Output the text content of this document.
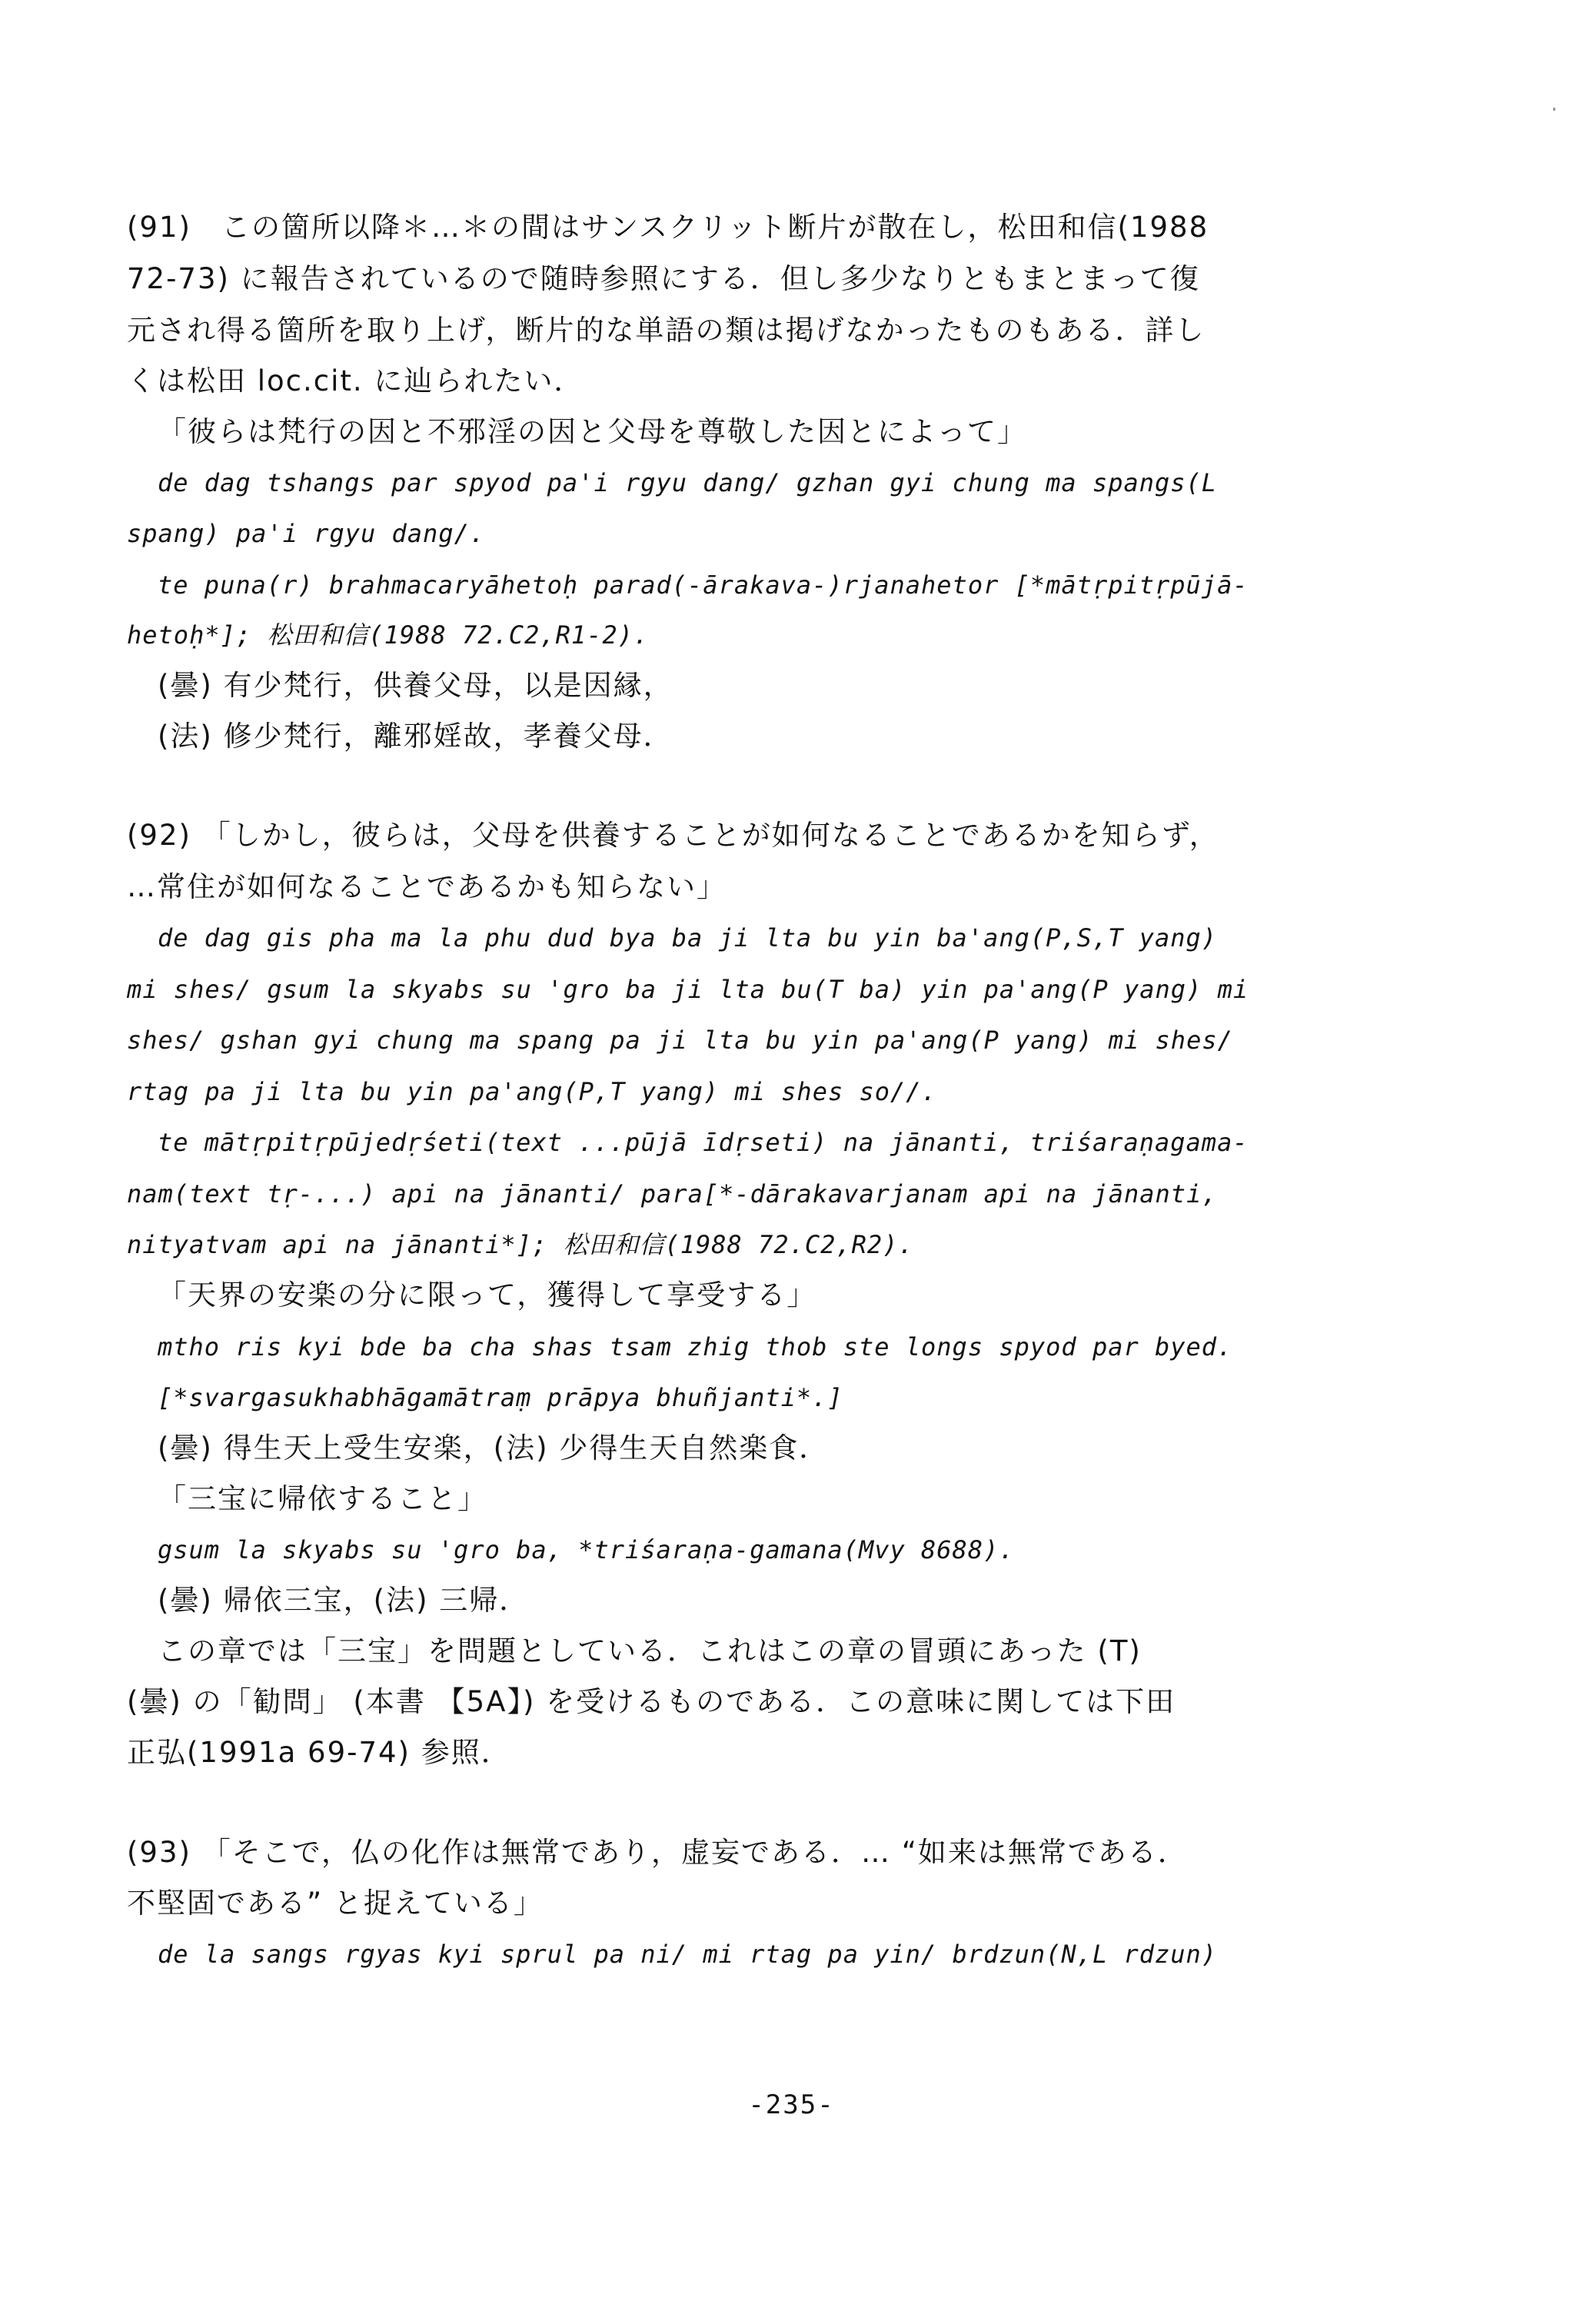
(91)　この箇所以降＊…＊の間はサンスクリット断片が散在し，松田和信(1988
72-73) に報告されているので随時参照にする．但し多少なりともまとまって復
元され得る箇所を取り上げ，断片的な単語の類は掲げなかったものもある．詳し
くは松田 loc.cit. に辿られたい．
「彼らは梵行の因と不邪淫の因と父母を尊敬した因とによって」
de dag tshangs par spyod pa'i rgyu dang/ gzhan gyi chung ma spangs(L
spang) pa'i rgyu dang/.
te puna(r) brahmacaryāhetoḥ parad(-ārakava-)rjanahetor [*mātṛpitṛpūjā-
hetoḥ*]; 松田和信(1988 72.C2,R1-2).
(曇) 有少梵行，供養父母，以是因縁，
(法) 修少梵行，離邪婬故，孝養父母．
(92) 「しかし，彼らは，父母を供養することが如何なることであるかを知らず，
…常住が如何なることであるかも知らない」
de dag gis pha ma la phu dud bya ba ji lta bu yin ba'ang(P,S,T yang)
mi shes/ gsum la skyabs su 'gro ba ji lta bu(T ba) yin pa'ang(P yang) mi
shes/ gshan gyi chung ma spang pa ji lta bu yin pa'ang(P yang) mi shes/
rtag pa ji lta bu yin pa'ang(P,T yang) mi shes so//.
te mātṛpitṛpūjedṛśeti(text ...pūjā īdṛseti) na jānanti, triśaraṇagama-
nam(text tṛ-...) api na jānanti/ para[*-dārakavarjanam api na jānanti,
nityatvam api na jānanti*]; 松田和信(1988 72.C2,R2).
「天界の安楽の分に限って，獲得して享受する」
mtho ris kyi bde ba cha shas tsam zhig thob ste longs spyod par byed.
[*svargasukhabhāgamātraṃ prāpya bhuñjanti*.]
(曇) 得生天上受生安楽，(法) 少得生天自然楽食．
「三宝に帰依すること」
gsum la skyabs su 'gro ba, *triśaraṇa-gamana(Mvy 8688).
(曇) 帰依三宝，(法) 三帰．
この章では「三宝」を問題としている．これはこの章の冒頭にあった (T)
(曇) の「勧問」 (本書 【5A】) を受けるものである．この意味に関しては下田
正弘(1991a 69-74) 参照．
(93) 「そこで，仏の化作は無常であり，虚妄である．… “如来は無常である．
不堅固である” と捉えている」
de la sangs rgyas kyi sprul pa ni/ mi rtag pa yin/ brdzun(N,L rdzun)
-235-
